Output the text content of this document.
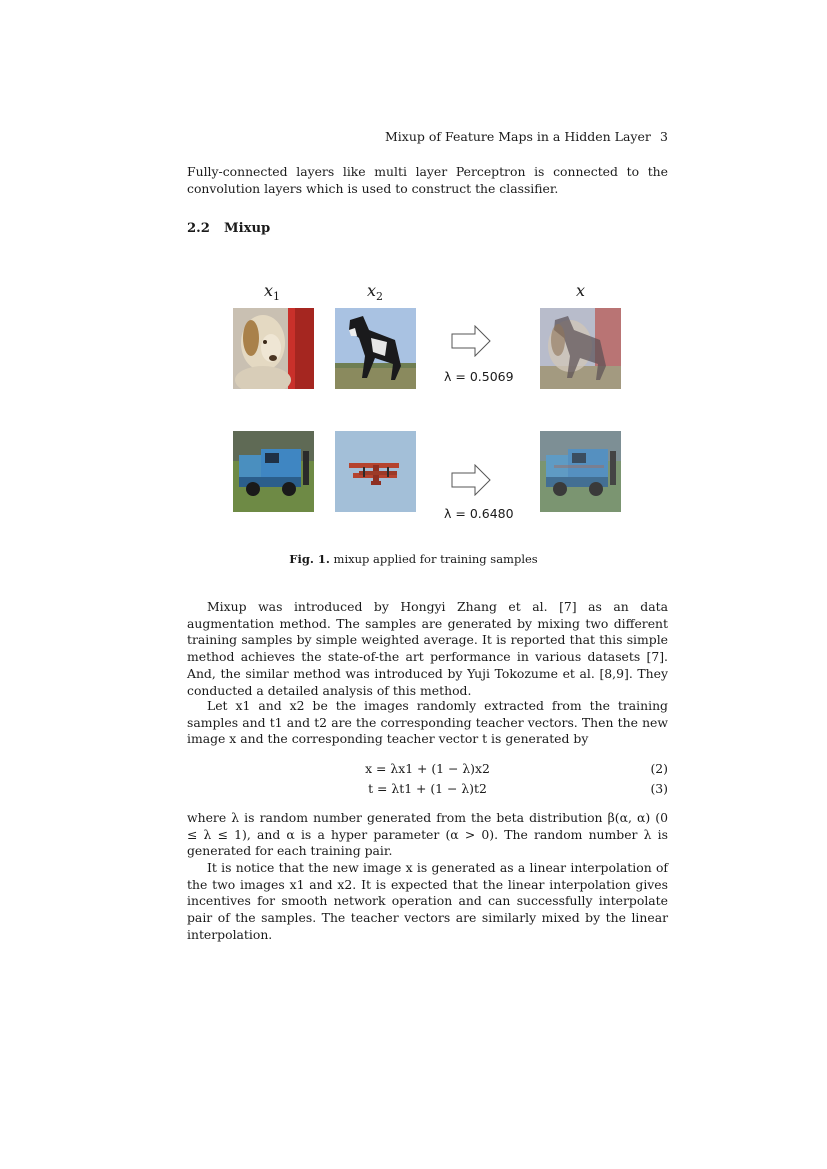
Mixup of Feature Maps in a Hidden Layer 3

Fully-connected layers like multi layer Perceptron is connected to the convolution layers which is used to construct the classifier.

2.2 Mixup
$x_1$	$x_2$	x
λ = 0.5069
λ = 0.6480
Fig. 1. mixup applied for training samples

Mixup was introduced by Hongyi Zhang et al. [7] as an data augmentation method. The samples are generated by mixing two different training samples by simple weighted average. It is reported that this simple method achieves the state-of-the art performance in various datasets [7]. And, the similar method was introduced by Yuji Tokozume et al. [8,9]. They conducted a detailed analysis of this method.

Let x1 and x2 be the images randomly extracted from the training samples and t1 and t2 are the corresponding teacher vectors. Then the new image x and the corresponding teacher vector t is generated by

x = λx1 + (1 − λ)x2	(2)
t = λt1 + (1 − λ)t2	(3)

where λ is random number generated from the beta distribution β(α, α) (0 ≤ λ ≤ 1), and α is a hyper parameter (α > 0). The random number λ is generated for each training pair.

It is notice that the new image x is generated as a linear interpolation of the two images x1 and x2. It is expected that the linear interpolation gives incentives for smooth network operation and can successfully interpolate pair of the samples. The teacher vectors are similarly mixed by the linear interpolation.
